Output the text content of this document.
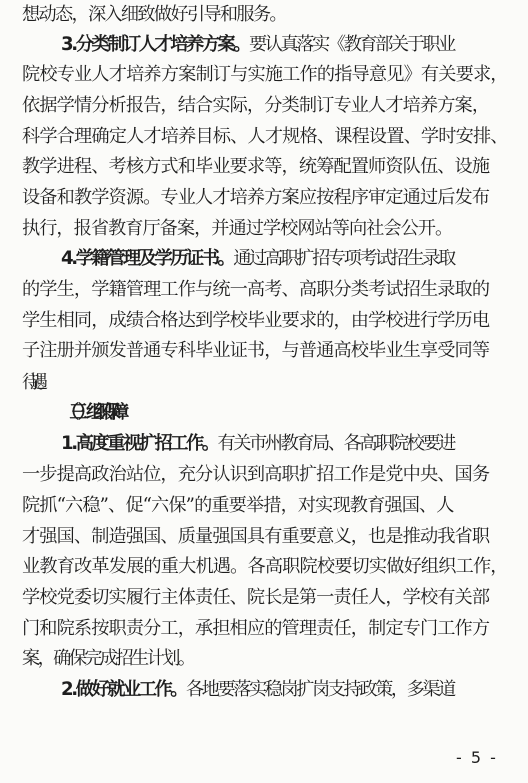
想动态，深入细致做好引导和服务。
3.分类制订人才培养方案。要认真落实《教育部关于职业
院校专业人才培养方案制订与实施工作的指导意见》有关要求，
依据学情分析报告，结合实际，分类制订专业人才培养方案，
科学合理确定人才培养目标、人才规格、课程设置、学时安排、
教学进程、考核方式和毕业要求等，统筹配置师资队伍、设施
设备和教学资源。专业人才培养方案应按程序审定通过后发布
执行，报省教育厅备案，并通过学校网站等向社会公开。
4.学籍管理及学历证书。通过高职扩招专项考试招生录取
的学生，学籍管理工作与统一高考、高职分类考试招生录取的
学生相同，成绩合格达到学校毕业要求的，由学校进行学历电
子注册并颁发普通专科毕业证书，与普通高校毕业生享受同等
待遇。
（三）组织保障
1.高度重视扩招工作。有关市州教育局、各高职院校要进
一步提高政治站位，充分认识到高职扩招工作是党中央、国务
院抓“六稳”、促“六保”的重要举措，对实现教育强国、人
才强国、制造强国、质量强国具有重要意义，也是推动我省职
业教育改革发展的重大机遇。各高职院校要切实做好组织工作，
学校党委切实履行主体责任、院长是第一责任人，学校有关部
门和院系按职责分工，承担相应的管理责任，制定专门工作方
案，确保完成招生计划。
2.做好就业工作。各地要落实稳岗扩岗支持政策，多渠道
- 5 -
